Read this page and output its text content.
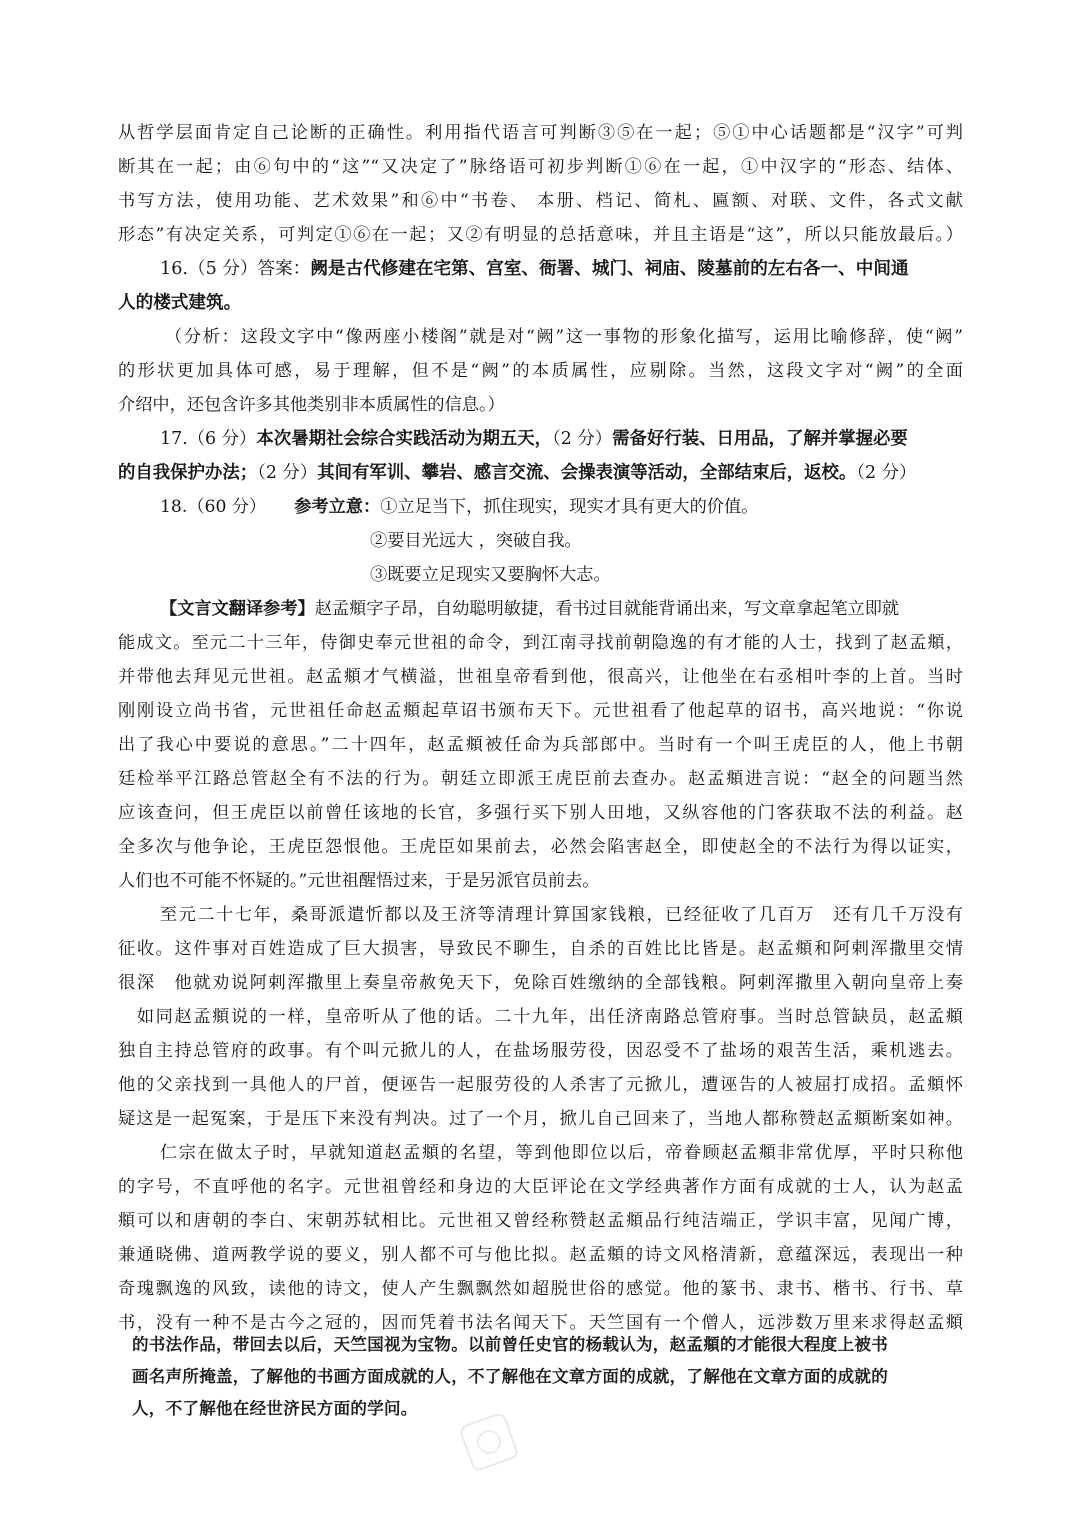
从哲学层面肯定自己论断的正确性。利用指代语言可判断③⑤在一起；⑤①中心话题都是“汉字”可判
断其在一起；由⑥句中的“这”“又决定了”脉络语可初步判断①⑥在一起，①中汉字的“形态、结体、
书写方法，使用功能、艺术效果”和⑥中“书卷、 本册、档记、简札、匾额、对联、文件，各式文献
形态”有决定关系，可判定①⑥在一起；又②有明显的总括意味，并且主语是“这”，所以只能放最后。）
16.（5 分）答案：阙是古代修建在宅第、宫室、衙署、城门、祠庙、陵墓前的左右各一、中间通
人的楼式建筑。
（分析：这段文字中“像两座小楼阁”就是对“阙”这一事物的形象化描写，运用比喻修辞，使“阙”
的形状更加具体可感，易于理解，但不是“阙”的本质属性，应剔除。当然，这段文字对“阙”的全面
介绍中，还包含许多其他类别非本质属性的信息。）
17.（6 分）本次暑期社会综合实践活动为期五天，（2 分）需备好行装、日用品，了解并掌握必要
的自我保护办法；（2 分）其间有军训、攀岩、感言交流、会操表演等活动，全部结束后，返校。（2 分）
18.（60 分） 参考立意：①立足当下，抓住现实，现实才具有更大的价值。
②要目光远大 ，突破自我。
③既要立足现实又要胸怀大志。
【文言文翻译参考】赵孟頫字子昂，自幼聪明敏捷，看书过目就能背诵出来，写文章拿起笔立即就
能成文。至元二十三年，侍御史奉元世祖的命令，到江南寻找前朝隐逸的有才能的人士，找到了赵孟頫，
并带他去拜见元世祖。赵孟頫才气横溢，世祖皇帝看到他，很高兴，让他坐在右丞相叶李的上首。当时
刚刚设立尚书省，元世祖任命赵孟頫起草诏书颁布天下。元世祖看了他起草的诏书，高兴地说：“你说
出了我心中要说的意思。”二十四年，赵孟頫被任命为兵部郎中。当时有一个叫王虎臣的人，他上书朝
廷检举平江路总管赵全有不法的行为。朝廷立即派王虎臣前去查办。赵孟頫进言说：“赵全的问题当然
应该查问，但王虎臣以前曾任该地的长官，多强行买下别人田地，又纵容他的门客获取不法的利益。赵
全多次与他争论，王虎臣怨恨他。王虎臣如果前去，必然会陷害赵全，即使赵全的不法行为得以证实，
人们也不可能不怀疑的。”元世祖醒悟过来，于是另派官员前去。
至元二十七年，桑哥派遣忻都以及王济等清理计算国家钱粮，已经征收了几百万　还有几千万没有
征收。这件事对百姓造成了巨大损害，导致民不聊生，自杀的百姓比比皆是。赵孟頫和阿剌浑撒里交情
很深　他就劝说阿剌浑撒里上奏皇帝赦免天下，免除百姓缴纳的全部钱粮。阿剌浑撒里入朝向皇帝上奏
　如同赵孟頫说的一样，皇帝听从了他的话。二十九年，出任济南路总管府事。当时总管缺员，赵孟頫
独自主持总管府的政事。有个叫元掀儿的人，在盐场服劳役，因忍受不了盐场的艰苦生活，乘机逃去。
他的父亲找到一具他人的尸首，便诬告一起服劳役的人杀害了元掀儿，遭诬告的人被屈打成招。孟頫怀
疑这是一起冤案，于是压下来没有判决。过了一个月，掀儿自己回来了，当地人都称赞赵孟頫断案如神。
仁宗在做太子时，早就知道赵孟頫的名望，等到他即位以后，帝眷顾赵孟頫非常优厚，平时只称他
的字号，不直呼他的名字。元世祖曾经和身边的大臣评论在文学经典著作方面有成就的士人，认为赵孟
頫可以和唐朝的李白、宋朝苏轼相比。元世祖又曾经称赞赵孟頫品行纯洁端正，学识丰富，见闻广博，
兼通晓佛、道两教学说的要义，别人都不可与他比拟。赵孟頫的诗文风格清新，意蕴深远，表现出一种
奇瑰飘逸的风致，读他的诗文，使人产生飘飘然如超脱世俗的感觉。他的篆书、隶书、楷书、行书、草
书，没有一种不是古今之冠的，因而凭着书法名闻天下。天竺国有一个僧人，远涉数万里来求得赵孟頫
的书法作品，带回去以后，天竺国视为宝物。以前曾任史官的杨载认为，赵孟頫的才能很大程度上被书
画名声所掩盖，了解他的书画方面成就的人，不了解他在文章方面的成就，了解他在文章方面的成就的
人，不了解他在经世济民方面的学问。
